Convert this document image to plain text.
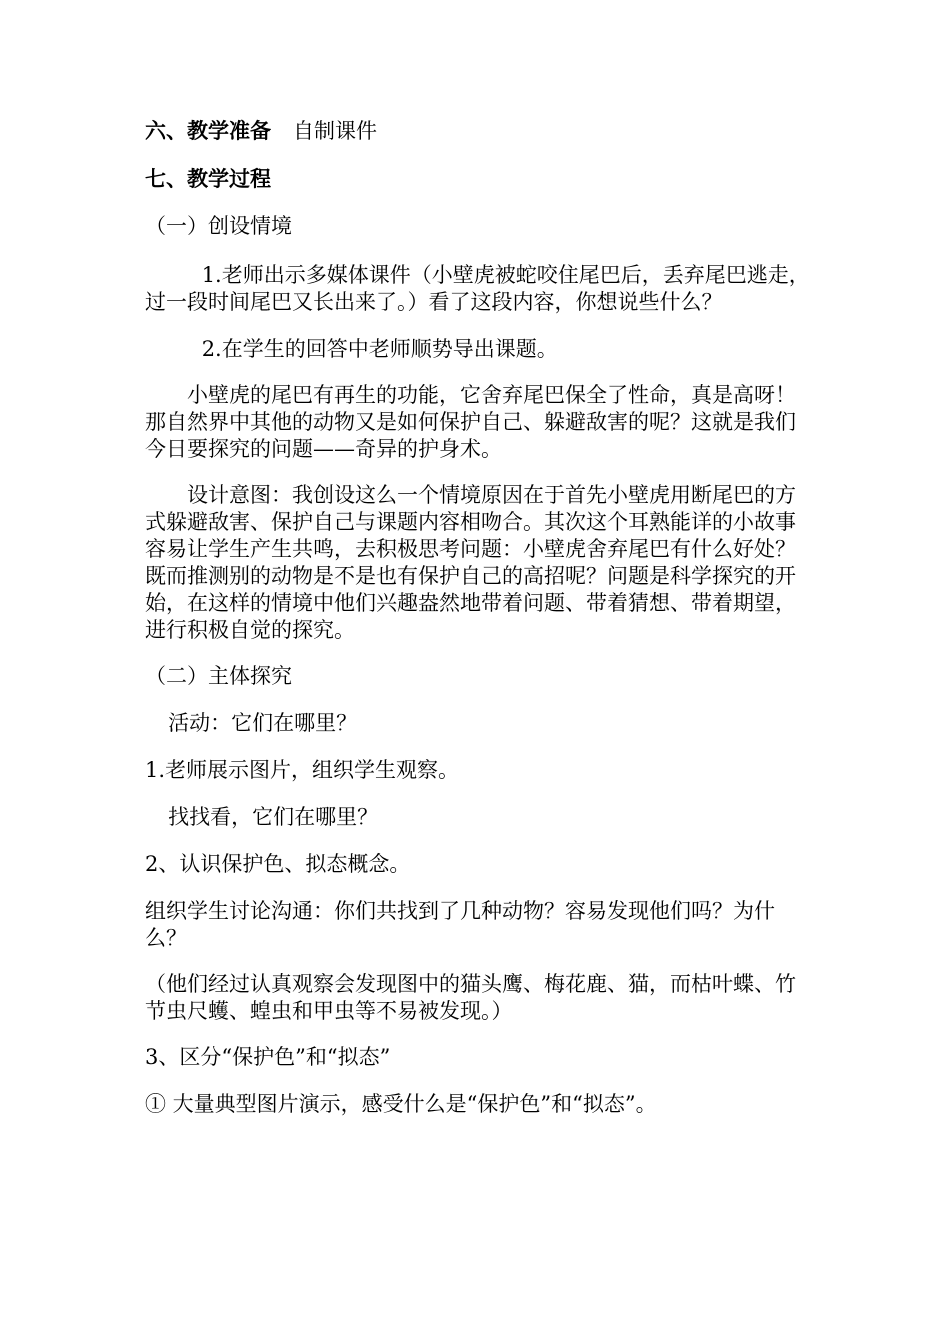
六、教学准备 自制课件

七、教学过程

（一）创设情境

1.老师出示多媒体课件（小壁虎被蛇咬住尾巴后，丢弃尾巴逃走，过一段时间尾巴又长出来了。）看了这段内容，你想说些什么？

2.在学生的回答中老师顺势导出课题。

小壁虎的尾巴有再生的功能，它舍弃尾巴保全了性命，真是高呀！那自然界中其他的动物又是如何保护自己、躲避敌害的呢？这就是我们今日要探究的问题——奇异的护身术。

设计意图：我创设这么一个情境原因在于首先小壁虎用断尾巴的方式躲避敌害、保护自己与课题内容相吻合。其次这个耳熟能详的小故事容易让学生产生共鸣，去积极思考问题：小壁虎舍弃尾巴有什么好处？既而推测别的动物是不是也有保护自己的高招呢？问题是科学探究的开始，在这样的情境中他们兴趣盎然地带着问题、带着猜想、带着期望，进行积极自觉的探究。

（二）主体探究

活动：它们在哪里？

1.老师展示图片，组织学生观察。

找找看，它们在哪里？

2、认识保护色、拟态概念。

组织学生讨论沟通：你们共找到了几种动物？容易发现他们吗？为什么？

（他们经过认真观察会发现图中的猫头鹰、梅花鹿、猫，而枯叶蝶、竹节虫尺蠖、蝗虫和甲虫等不易被发现。）

3、区分“保护色”和“拟态”

① 大量典型图片演示，感受什么是“保护色”和“拟态”。
